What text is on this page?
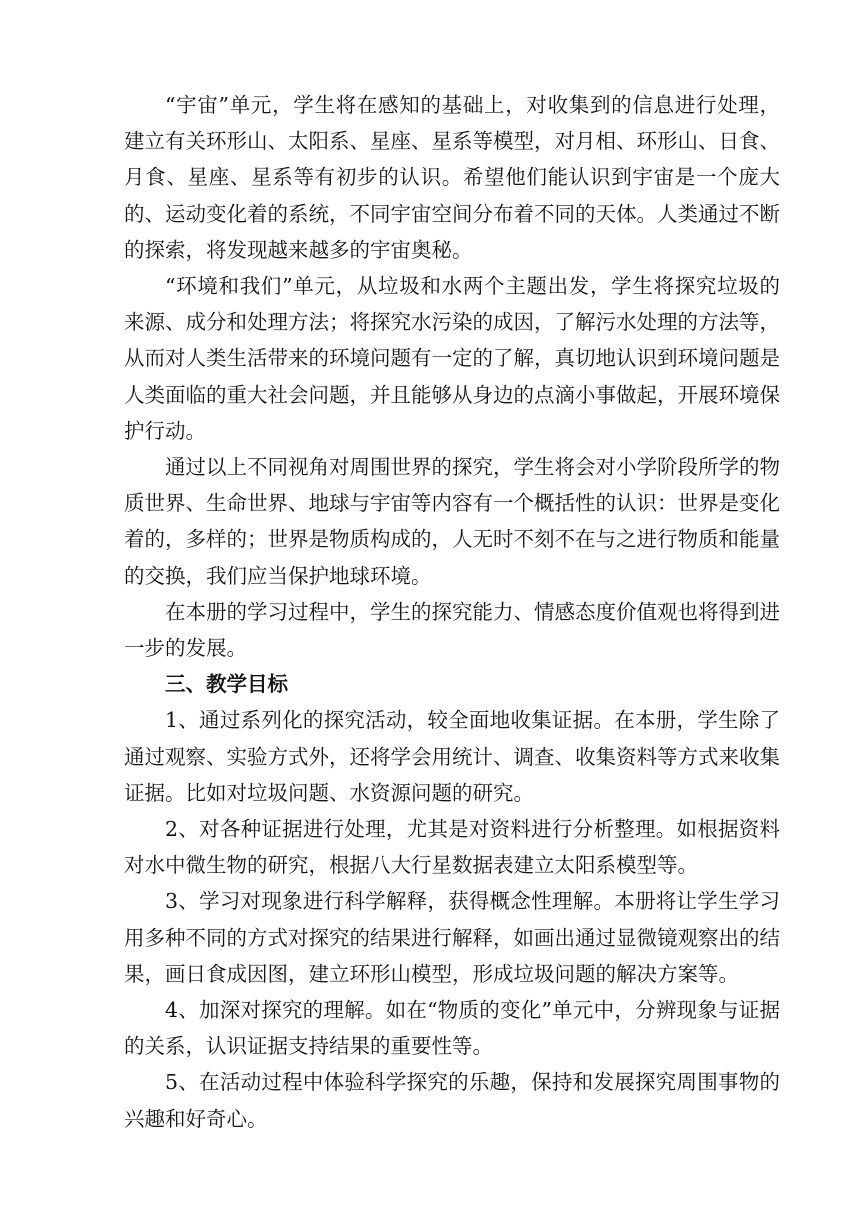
“宇宙”单元，学生将在感知的基础上，对收集到的信息进行处理，建立有关环形山、太阳系、星座、星系等模型，对月相、环形山、日食、月食、星座、星系等有初步的认识。希望他们能认识到宇宙是一个庞大的、运动变化着的系统，不同宇宙空间分布着不同的天体。人类通过不断的探索，将发现越来越多的宇宙奥秘。

“环境和我们”单元，从垃圾和水两个主题出发，学生将探究垃圾的来源、成分和处理方法；将探究水污染的成因，了解污水处理的方法等，从而对人类生活带来的环境问题有一定的了解，真切地认识到环境问题是人类面临的重大社会问题，并且能够从身边的点滴小事做起，开展环境保护行动。

通过以上不同视角对周围世界的探究，学生将会对小学阶段所学的物质世界、生命世界、地球与宇宙等内容有一个概括性的认识：世界是变化着的，多样的；世界是物质构成的，人无时不刻不在与之进行物质和能量的交换，我们应当保护地球环境。

在本册的学习过程中，学生的探究能力、情感态度价值观也将得到进一步的发展。

三、教学目标

1、通过系列化的探究活动，较全面地收集证据。在本册，学生除了通过观察、实验方式外，还将学会用统计、调查、收集资料等方式来收集证据。比如对垃圾问题、水资源问题的研究。

2、对各种证据进行处理，尤其是对资料进行分析整理。如根据资料对水中微生物的研究，根据八大行星数据表建立太阳系模型等。

3、学习对现象进行科学解释，获得概念性理解。本册将让学生学习用多种不同的方式对探究的结果进行解释，如画出通过显微镜观察出的结果，画日食成因图，建立环形山模型，形成垃圾问题的解决方案等。

4、加深对探究的理解。如在“物质的变化”单元中，分辨现象与证据的关系，认识证据支持结果的重要性等。

5、在活动过程中体验科学探究的乐趣，保持和发展探究周围事物的兴趣和好奇心。
